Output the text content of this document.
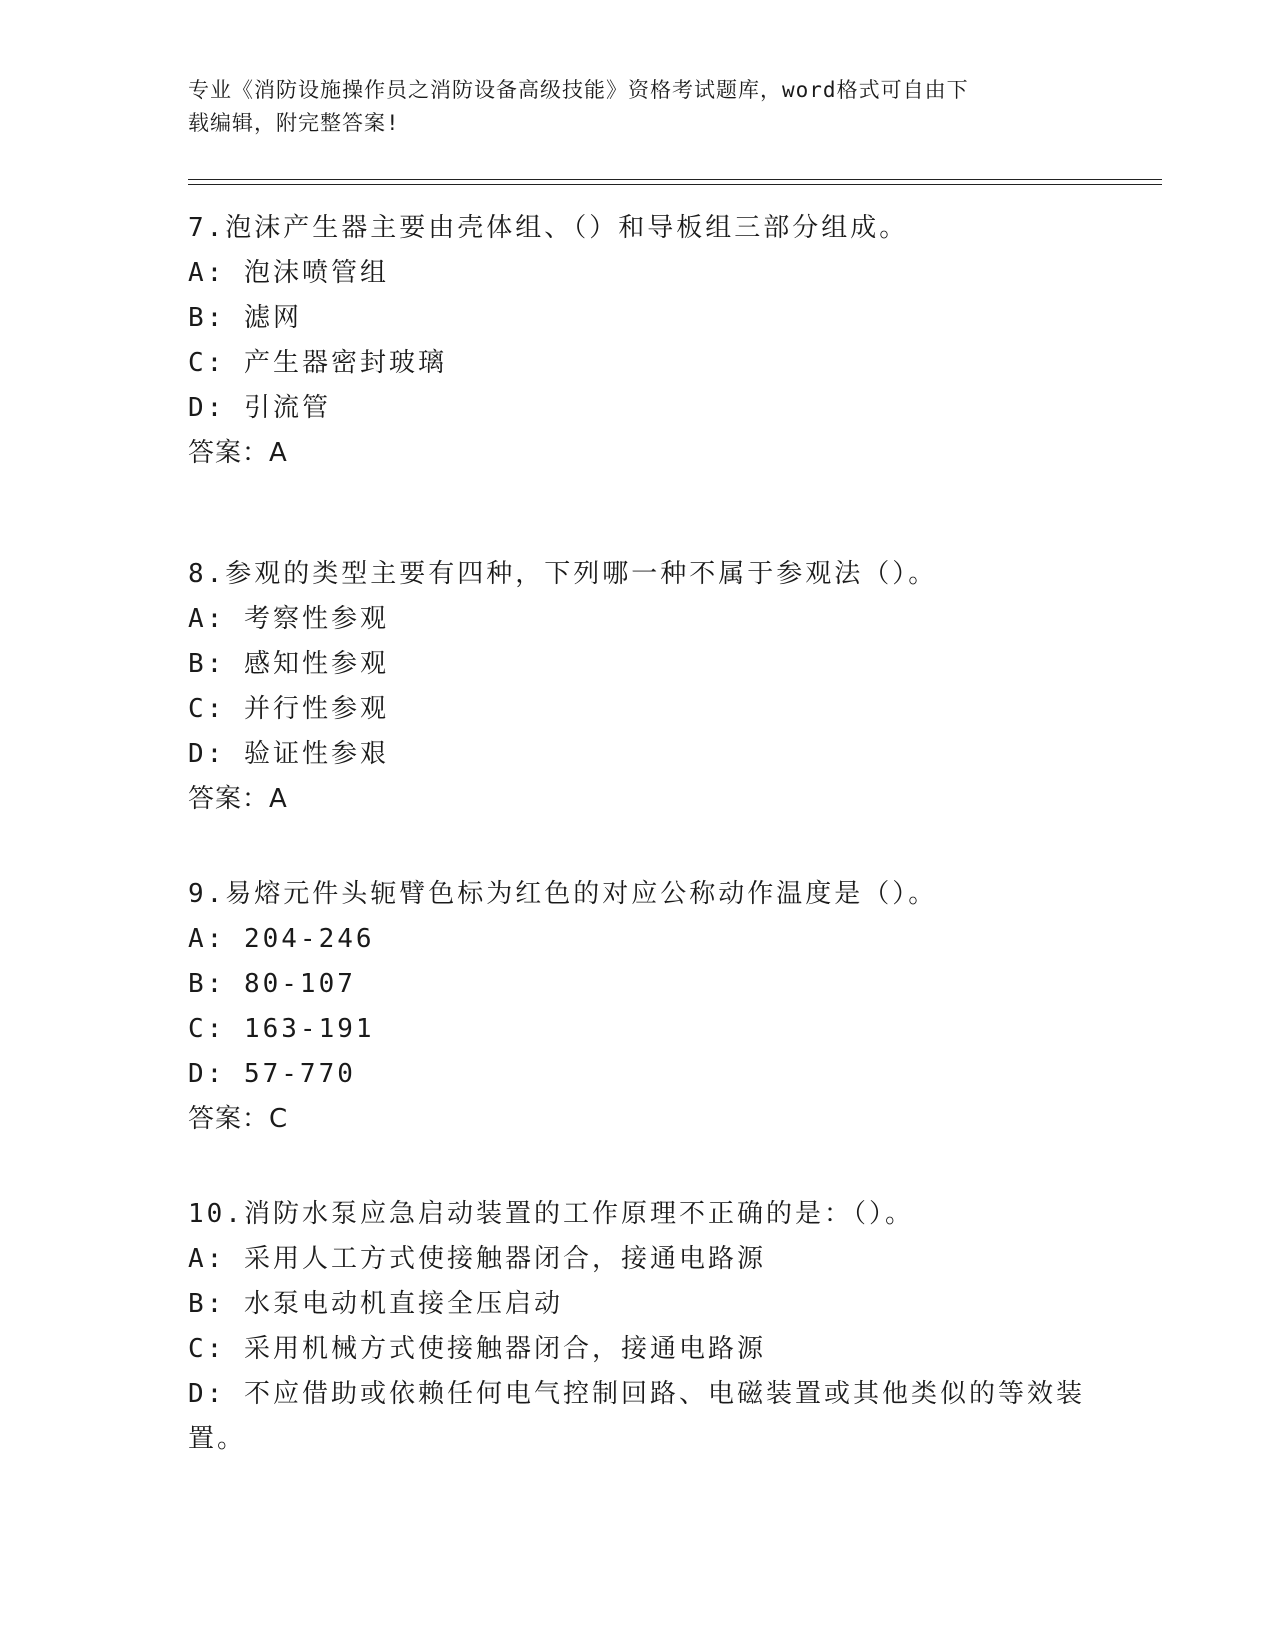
专业《消防设施操作员之消防设备高级技能》资格考试题库，word格式可自由下
载编辑，附完整答案!

7.泡沫产生器主要由壳体组、（）和导板组三部分组成。

A: 泡沫喷管组

B: 滤网

C: 产生器密封玻璃

D: 引流管

答案：A

8.参观的类型主要有四种，下列哪一种不属于参观法（）。

A: 考察性参观

B: 感知性参观

C: 并行性参观

D: 验证性参艰

答案：A

9.易熔元件头轭臂色标为红色的对应公称动作温度是（）。

A: 204-246

B: 80-107

C: 163-191

D: 57-770

答案：C

10.消防水泵应急启动装置的工作原理不正确的是：（）。

A: 采用人工方式使接触器闭合，接通电路源

B: 水泵电动机直接全压启动

C: 采用机械方式使接触器闭合，接通电路源

D: 不应借助或依赖任何电气控制回路、电磁装置或其他类似的等效装置。
